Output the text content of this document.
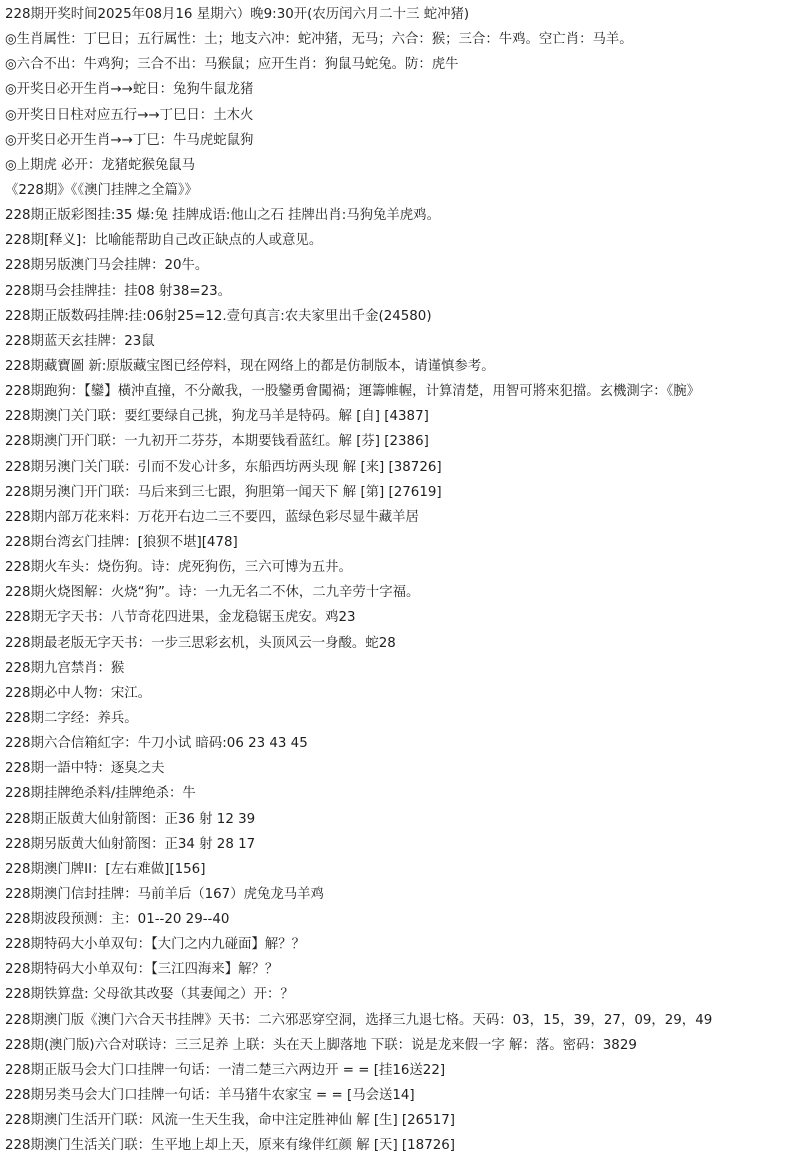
228期开奖时间2025年08月16 星期六）晚9:30开(农历闰六月二十三 蛇冲猪)
◎生肖属性：丁巳日；五行属性：土；地支六冲：蛇冲猪，无马；六合：猴；三合：牛鸡。空亡肖：马羊。
◎六合不出：牛鸡狗；三合不出：马猴鼠；应开生肖：狗鼠马蛇兔。防：虎牛
◎开奖日必开生肖→→蛇日：兔狗牛鼠龙猪
◎开奖日日柱对应五行→→丁巳日：土木火
◎开奖日必开生肖→→丁巳：牛马虎蛇鼠狗
◎上期虎 必开：龙猪蛇猴兔鼠马
《228期》《《澳门挂牌之全篇》》
228期正版彩图挂:35 爆:兔 挂牌成语:他山之石 挂牌出肖:马狗兔羊虎鸡。
228期[释义]：比喻能帮助自己改正缺点的人或意见。
228期另版澳门马会挂牌：20牛。
228期马会挂牌挂：挂08 射38=23。
228期正版数码挂牌:挂:06射25=12.壹句真言:农夫家里出千金(24580)
228期蓝天玄挂牌：23鼠
228期藏寶圖 新:原版藏宝图已经停料，现在网络上的都是仿制版本，请谨慎参考。
228期跑狗：【鑾】橫沖直撞，不分敵我，一股鑾勇會闖禍；運籌帷幄，计算清楚，用智可將來犯擋。玄機測字：《腕》
228期澳门关门联：要红要绿自己挑，狗龙马羊是特码。解 [自] [4387]
228期澳门开门联：一九初开二芬芬，本期要钱看蓝红。解 [芬] [2386]
228期另澳门关门联：引而不发心计多，东船西坊两头现 解 [来] [38726]
228期另澳门开门联：马后来到三七跟，狗胆第一闻天下 解 [第] [27619]
228期内部万花来料：万花开右边二三不要四，蓝绿色彩尽显牛藏羊居
228期台湾玄门挂牌：[狼狈不堪][478]
228期火车头：烧伤狗。诗：虎死狗伤，三六可博为五井。
228期火烧图解：火烧“狗”。诗：一九无名二不休，二九辛劳十字福。
228期无字天书：八节奇花四进果，金龙稳锯玉虎安。鸡23
228期最老版无字天书：一步三思彩玄机，头顶风云一身酸。蛇28
228期九宫禁肖：猴
228期必中人物：宋江。
228期二字经：养兵。
228期六合信箱紅字：牛刀小试 暗码:06 23 43 45
228期一語中特：逐臭之夫
228期挂牌绝杀料/挂牌绝杀：牛
228期正版黄大仙射箭图：正36 射 12 39
228期另版黄大仙射箭图：正34 射 28 17
228期澳门牌II：[左右难做][156]
228期澳门信封挂牌：马前羊后（167）虎兔龙马羊鸡
228期波段预测：主：01--20 29--40
228期特码大小单双句：【大门之内九碰面】解？？
228期特码大小单双句：【三江四海来】解？？
228期铁算盘: 父母欲其改娶（其妻闻之）开：？
228期澳门版《澳门六合天书挂牌》天书：二六邪恶穿空洞，选择三九退七格。天码：03，15，39，27，09，29，49
228期(澳门版)六合对联诗：三三足养 上联：头在天上脚落地 下联：说是龙来假一字 解：落。密码：3829
228期正版马会大门口挂牌一句话：一清二楚三六两边开 = = [挂16送22]
228期另类马会大门口挂牌一句话：羊马猪牛农家宝 = = [马会送14]
228期澳门生活开门联：风流一生天生我，命中注定胜神仙 解 [生] [26517]
228期澳门生活关门联：生平地上却上天，原来有缘伴红颜 解 [天] [18726]
